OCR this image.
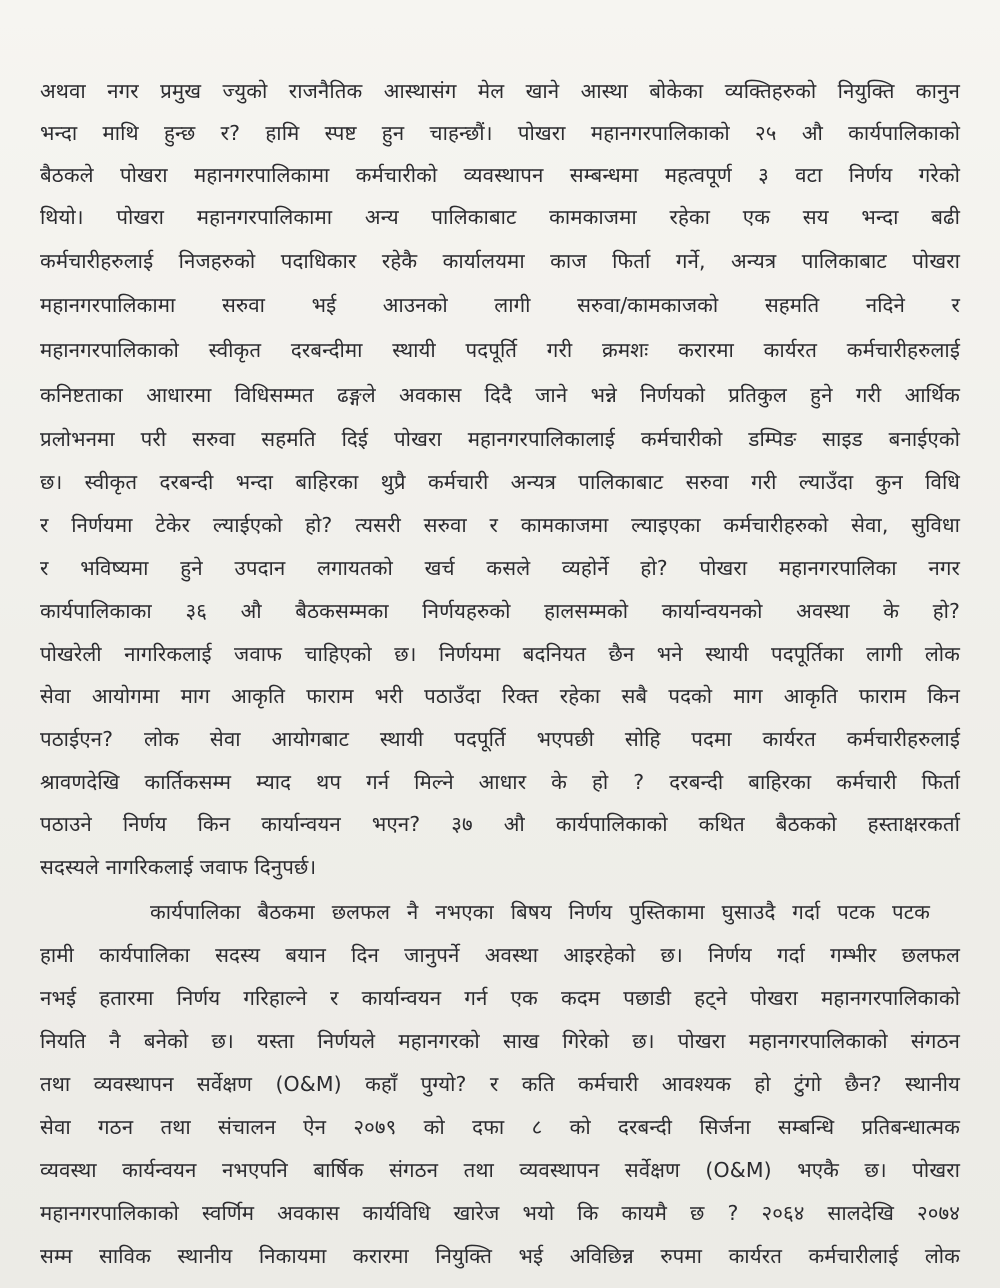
अथवा नगर प्रमुख ज्युको राजनैतिक आस्थासंग मेल खाने आस्था बोकेका व्यक्तिहरुको नियुक्ति कानुन
भन्दा माथि हुन्छ र? हामि स्पष्ट हुन चाहन्छौं। पोखरा महानगरपालिकाको २५ औ कार्यपालिकाको
बैठकले पोखरा महानगरपालिकामा कर्मचारीको व्यवस्थापन सम्बन्धमा महत्वपूर्ण ३ वटा निर्णय गरेको
थियो। पोखरा महानगरपालिकामा अन्य पालिकाबाट कामकाजमा रहेका एक सय भन्दा बढी
कर्मचारीहरुलाई निजहरुको पदाधिकार रहेकै कार्यालयमा काज फिर्ता गर्ने, अन्यत्र पालिकाबाट पोखरा
महानगरपालिकामा सरुवा भई आउनको लागी सरुवा/कामकाजको सहमति नदिने र
महानगरपालिकाको स्वीकृत दरबन्दीमा स्थायी पदपूर्ति गरी क्रमशः करारमा कार्यरत कर्मचारीहरुलाई
कनिष्टताका आधारमा विधिसम्मत ढङ्गले अवकास दिदै जाने भन्ने निर्णयको प्रतिकुल हुने गरी आर्थिक
प्रलोभनमा परी सरुवा सहमति दिई पोखरा महानगरपालिकालाई कर्मचारीको डम्पिङ साइड बनाईएको
छ। स्वीकृत दरबन्दी भन्दा बाहिरका थुप्रै कर्मचारी अन्यत्र पालिकाबाट सरुवा गरी ल्याउँदा कुन विधि
र निर्णयमा टेकेर ल्याईएको हो? त्यसरी सरुवा र कामकाजमा ल्याइएका कर्मचारीहरुको सेवा, सुविधा
र भविष्यमा हुने उपदान लगायतको खर्च कसले व्यहोर्ने हो? पोखरा महानगरपालिका नगर
कार्यपालिकाका ३६ औ बैठकसम्मका निर्णयहरुको हालसम्मको कार्यान्वयनको अवस्था के हो?
पोखरेली नागरिकलाई जवाफ चाहिएको छ। निर्णयमा बदनियत छैन भने स्थायी पदपूर्तिका लागी लोक
सेवा आयोगमा माग आकृति फाराम भरी पठाउँदा रिक्त रहेका सबै पदको माग आकृति फाराम किन
पठाईएन? लोक सेवा आयोगबाट स्थायी पदपूर्ति भएपछी सोहि पदमा कार्यरत कर्मचारीहरुलाई
श्रावणदेखि कार्तिकसम्म म्याद थप गर्न मिल्ने आधार के हो ? दरबन्दी बाहिरका कर्मचारी फिर्ता
पठाउने निर्णय किन कार्यान्वयन भएन? ३७ औ कार्यपालिकाको कथित बैठकको हस्ताक्षरकर्ता
सदस्यले नागरिकलाई जवाफ दिनुपर्छ।
कार्यपालिका बैठकमा छलफल नै नभएका बिषय निर्णय पुस्तिकामा घुसाउदै गर्दा पटक पटक
हामी कार्यपालिका सदस्य बयान दिन जानुपर्ने अवस्था आइरहेको छ। निर्णय गर्दा गम्भीर छलफल
नभई हतारमा निर्णय गरिहाल्ने र कार्यान्वयन गर्न एक कदम पछाडी हट्ने पोखरा महानगरपालिकाको
नियति नै बनेको छ। यस्ता निर्णयले महानगरको साख गिरेको छ। पोखरा महानगरपालिकाको संगठन
तथा व्यवस्थापन सर्वेक्षण (O&M) कहाँ पुग्यो? र कति कर्मचारी आवश्यक हो टुंगो छैन? स्थानीय
सेवा गठन तथा संचालन ऐन २०७९ को दफा ८ को दरबन्दी सिर्जना सम्बन्धि प्रतिबन्धात्मक
व्यवस्था कार्यन्वयन नभएपनि बार्षिक संगठन तथा व्यवस्थापन सर्वेक्षण (O&M) भएकै छ। पोखरा
महानगरपालिकाको स्वर्णिम अवकास कार्यविधि खारेज भयो कि कायमै छ ? २०६४ सालदेखि २०७४
सम्म साविक स्थानीय निकायमा करारमा नियुक्ति भई अविछिन्न रुपमा कार्यरत कर्मचारीलाई लोक
